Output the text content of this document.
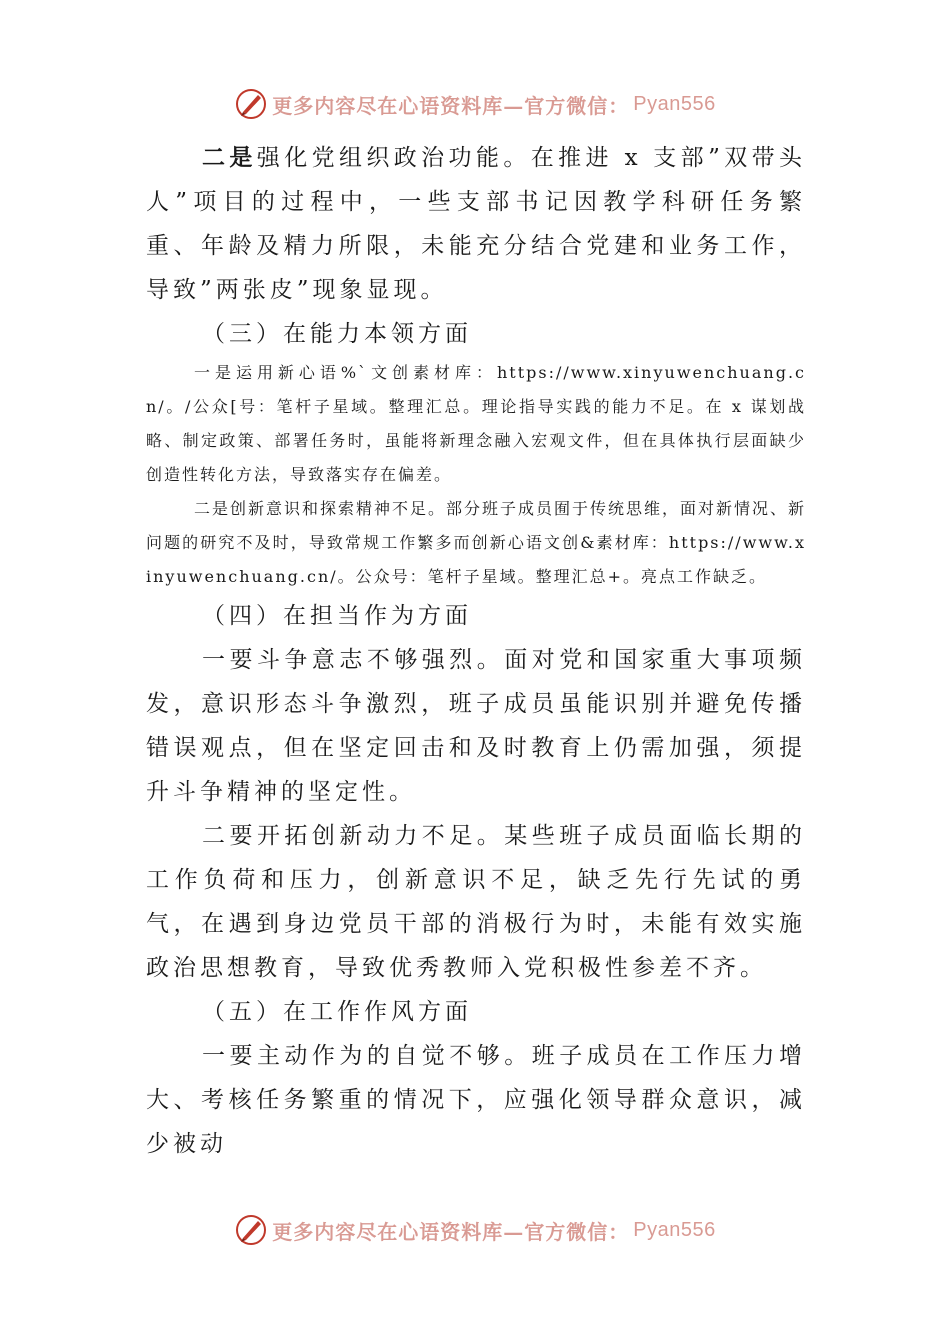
更多内容尽在心语资料库—官方微信： Pyan556

二是强化党组织政治功能。在推进 x 支部”双带头人”项目的过程中，一些支部书记因教学科研任务繁重、年龄及精力所限，未能充分结合党建和业务工作，导致”两张皮”现象显现。

（三）在能力本领方面

一是运用新心语%`文创素材库：https://www.xinyuwenchuang.cn/。/公众[号：笔杆子星域。整理汇总。理论指导实践的能力不足。在 x 谋划战略、制定政策、部署任务时，虽能将新理念融入宏观文件，但在具体执行层面缺少创造性转化方法，导致落实存在偏差。

二是创新意识和探索精神不足。部分班子成员囿于传统思维，面对新情况、新问题的研究不及时，导致常规工作繁多而创新心语文创&素材库：https://www.xinyuwenchuang.cn/。公众号：笔杆子星域。整理汇总+。亮点工作缺乏。

（四）在担当作为方面

一要斗争意志不够强烈。面对党和国家重大事项频发，意识形态斗争激烈，班子成员虽能识别并避免传播错误观点，但在坚定回击和及时教育上仍需加强，须提升斗争精神的坚定性。

二要开拓创新动力不足。某些班子成员面临长期的工作负荷和压力，创新意识不足，缺乏先行先试的勇气，在遇到身边党员干部的消极行为时，未能有效实施政治思想教育，导致优秀教师入党积极性参差不齐。

（五）在工作作风方面

一要主动作为的自觉不够。班子成员在工作压力增大、考核任务繁重的情况下，应强化领导群众意识，减少被动

更多内容尽在心语资料库—官方微信： Pyan556
